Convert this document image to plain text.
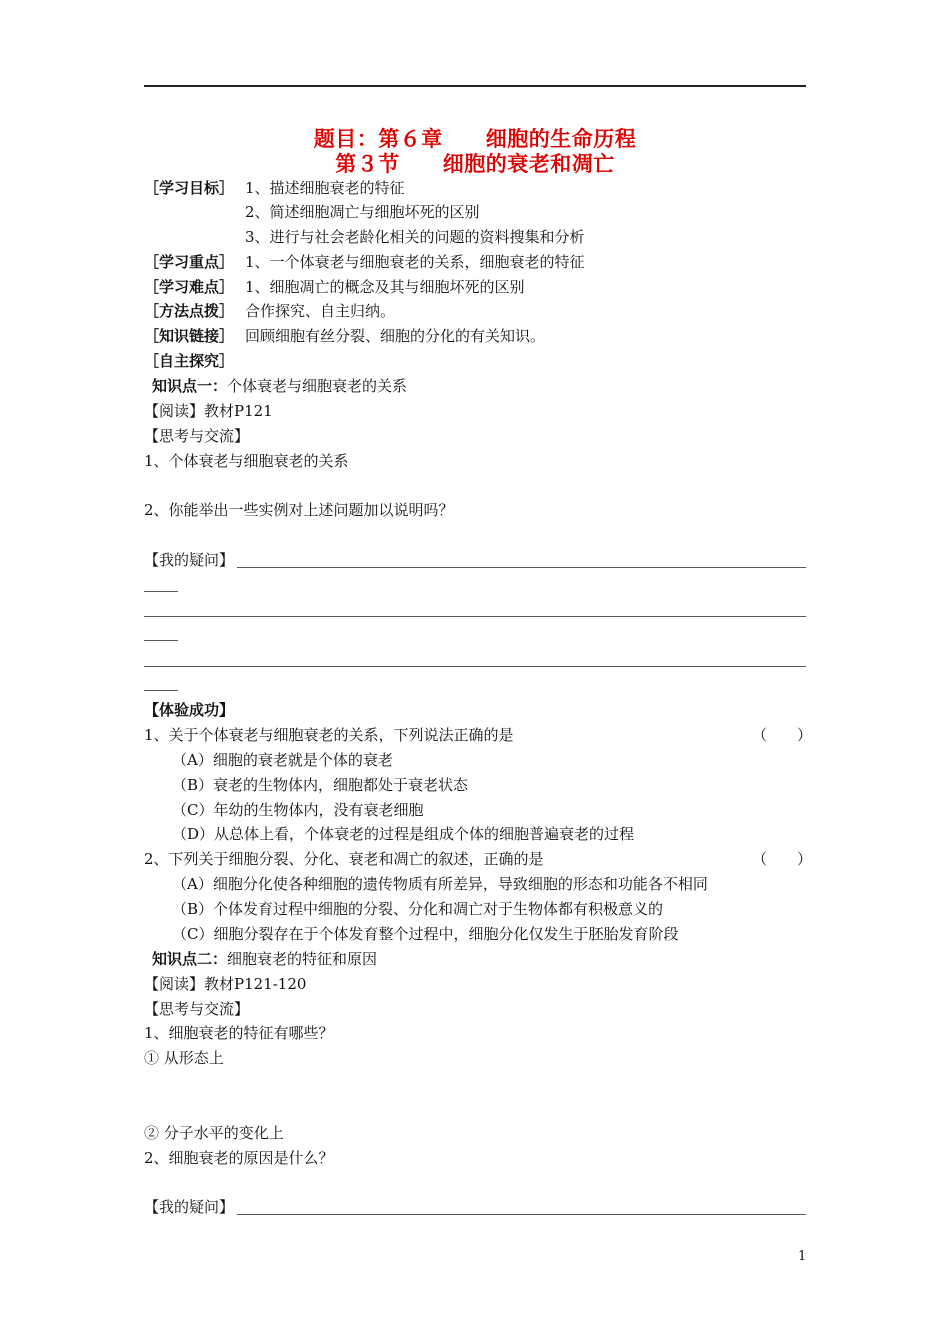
题目：第６章　　细胞的生命历程
第３节　　细胞的衰老和凋亡
［学习目标］ 1、描述细胞衰老的特征
2、简述细胞凋亡与细胞坏死的区别
3、进行与社会老龄化相关的问题的资料搜集和分析
［学习重点］ 1、一个体衰老与细胞衰老的关系，细胞衰老的特征
［学习难点］ 1、细胞凋亡的概念及其与细胞坏死的区别
［方法点拨］ 合作探究、自主归纳。
［知识链接］ 回顾细胞有丝分裂、细胞的分化的有关知识。
［自主探究］
知识点一：个体衰老与细胞衰老的关系
【阅读】教材P121
【思考与交流】
1、个体衰老与细胞衰老的关系
2、你能举出一些实例对上述问题加以说明吗？
【我的疑问】
【体验成功】
1、关于个体衰老与细胞衰老的关系，下列说法正确的是	（　　）
（A）细胞的衰老就是个体的衰老
（B）衰老的生物体内，细胞都处于衰老状态
（C）年幼的生物体内，没有衰老细胞
（D）从总体上看，个体衰老的过程是组成个体的细胞普遍衰老的过程
2、下列关于细胞分裂、分化、衰老和凋亡的叙述，正确的是	（　　）
（A）细胞分化使各种细胞的遗传物质有所差异，导致细胞的形态和功能各不相同
（B）个体发育过程中细胞的分裂、分化和凋亡对于生物体都有积极意义的
（C）细胞分裂存在于个体发育整个过程中，细胞分化仅发生于胚胎发育阶段
知识点二：细胞衰老的特征和原因
【阅读】教材P121-120
【思考与交流】
1、细胞衰老的特征有哪些？
① 从形态上
② 分子水平的变化上
2、细胞衰老的原因是什么？
【我的疑问】
1
